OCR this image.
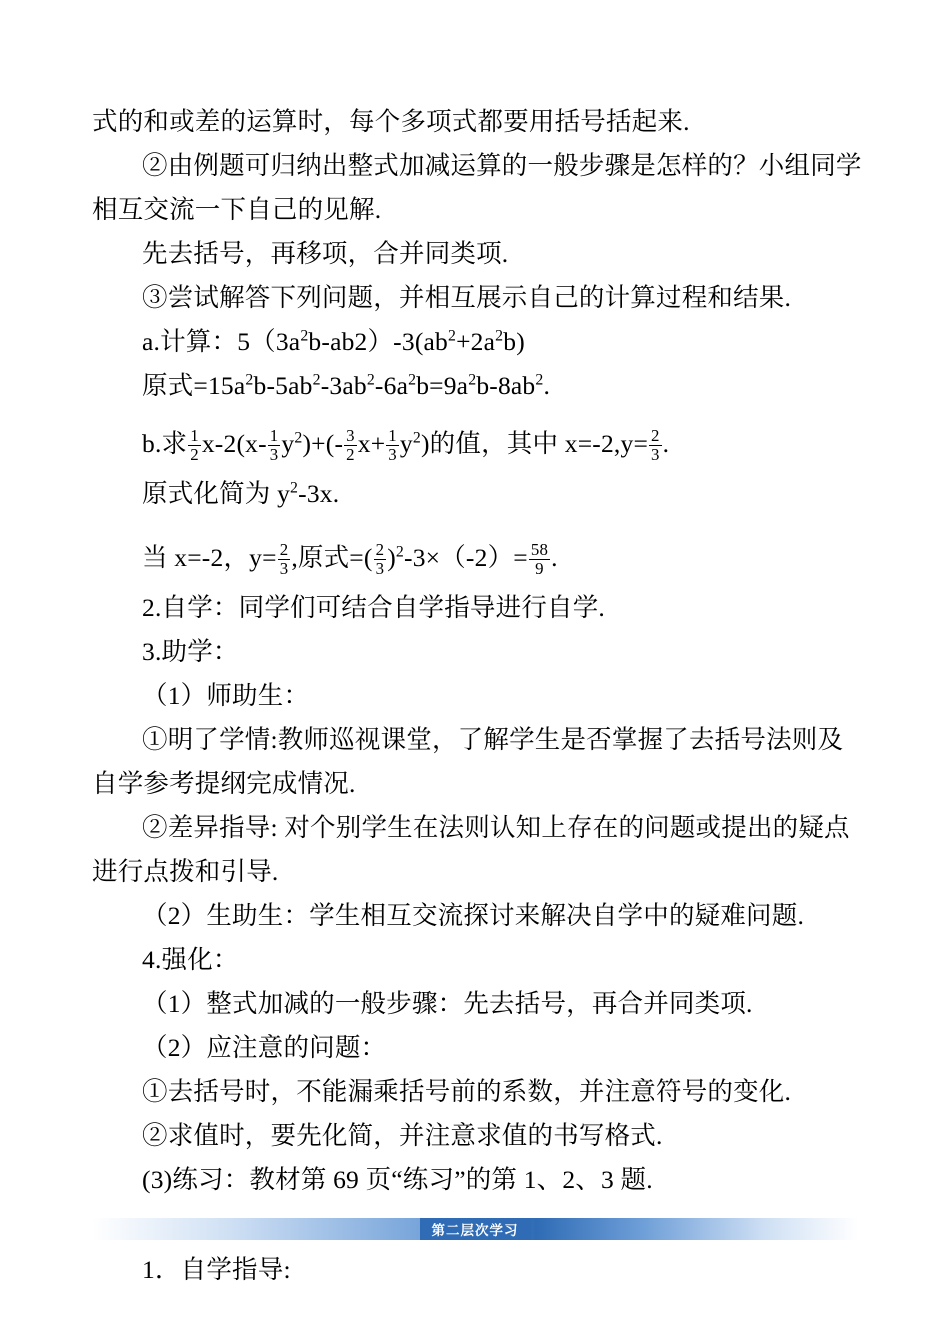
式的和或差的运算时，每个多项式都要用括号括起来.
②由例题可归纳出整式加减运算的一般步骤是怎样的？小组同学
相互交流一下自己的见解.
先去括号，再移项，合并同类项.
③尝试解答下列问题，并相互展示自己的计算过程和结果.
a.计算：$5(3a^2b-ab2)-3(ab^2+2a^2b)$
原式$=15a^2b-5ab^2-3ab^2-6a^2b=9a^2b-8ab^2$.
b.求 $\frac{1}{2} x-2(x- \frac{1}{3} y^2)+(- \frac{3}{2} x+ \frac{1}{3} y^2)$的值，其中 $x=-2,y= \frac{2}{3}$ .
原式化简为 $y^2-3x$.
当 x=-2，$y= \frac{2}{3}$ ,原式=( $\frac{2}{3} )^2-3\times(-2)= \frac{58}{9}$ .
2.自学：同学们可结合自学指导进行自学.
3.助学：
（1）师助生：
①明了学情:教师巡视课堂，了解学生是否掌握了去括号法则及
自学参考提纲完成情况.
②差异指导: 对个别学生在法则认知上存在的问题或提出的疑点
进行点拨和引导.
（2）生助生：学生相互交流探讨来解决自学中的疑难问题.
4.强化：
（1）整式加减的一般步骤：先去括号，再合并同类项.
（2）应注意的问题：
①去括号时，不能漏乘括号前的系数，并注意符号的变化.
②求值时，要先化简，并注意求值的书写格式.
(3)练习：教材第 69 页“练习”的第 1、2、3 题.
第二层次学习
1．自学指导:
